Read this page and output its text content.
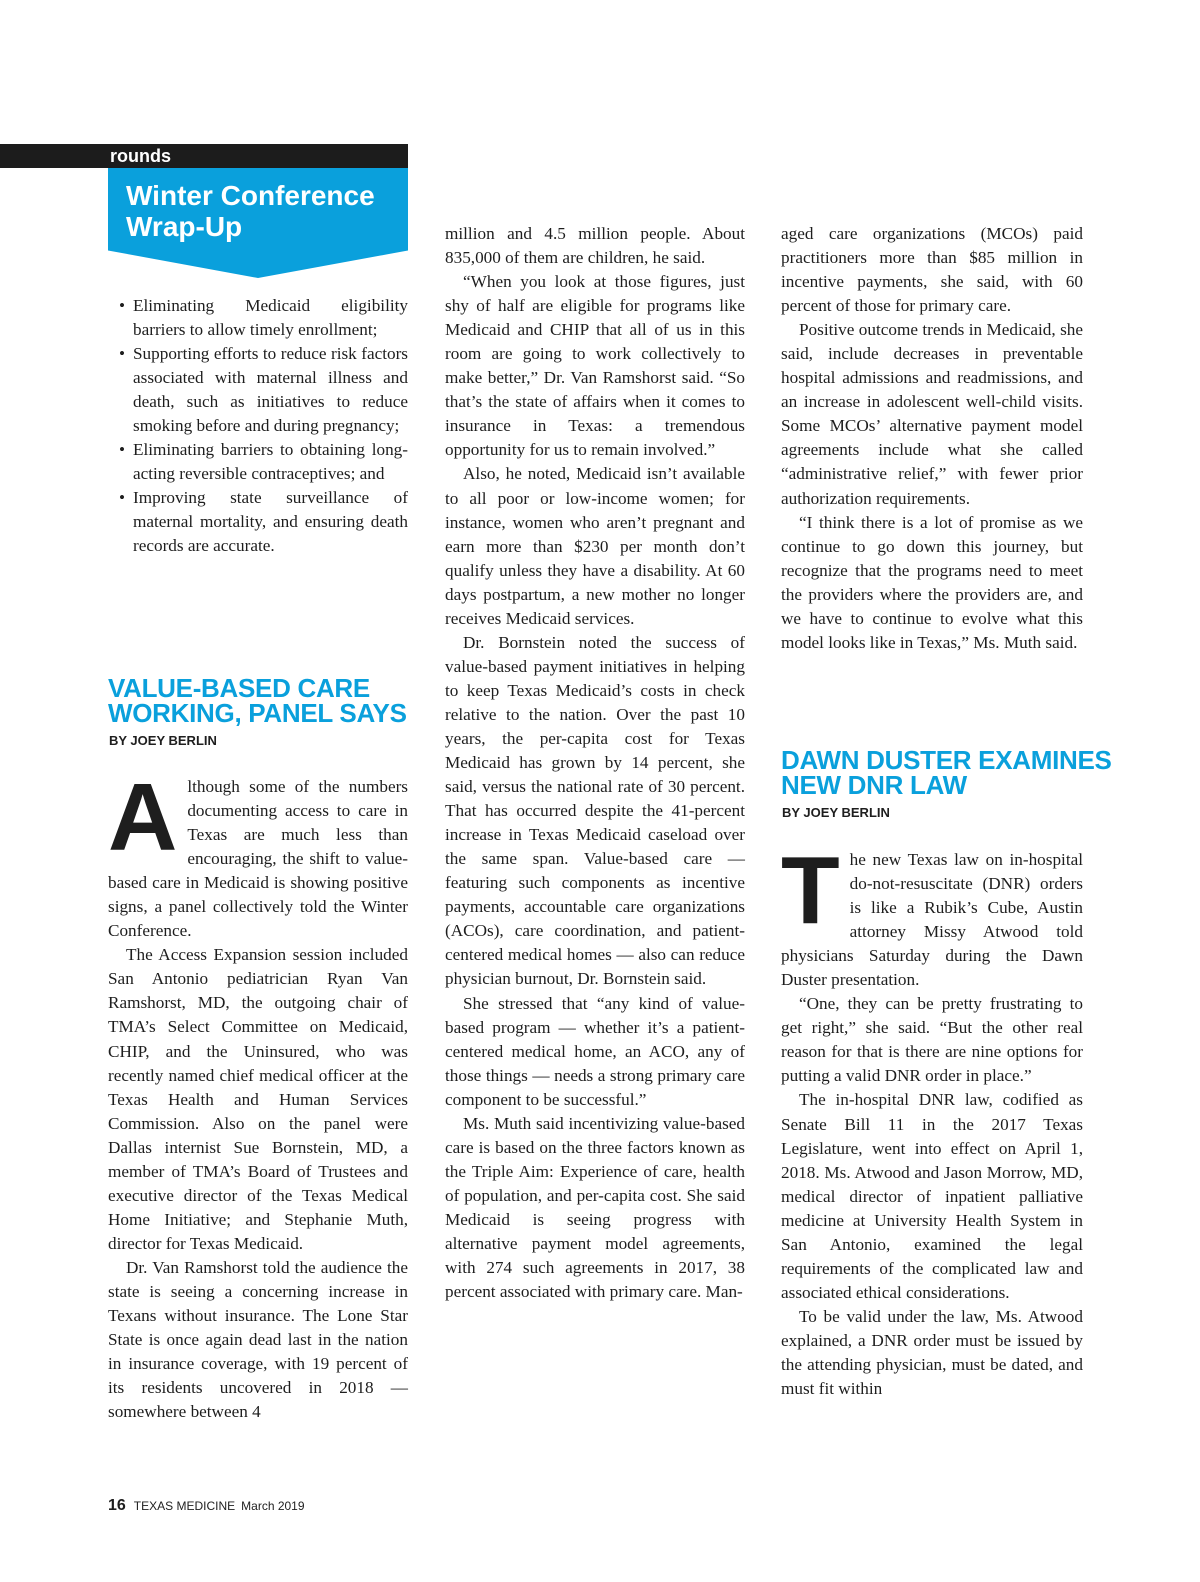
rounds
Winter Conference Wrap-Up
• Eliminating Medicaid eligibility barriers to allow timely enrollment;
• Supporting efforts to reduce risk factors associated with maternal illness and death, such as initiatives to reduce smoking before and during pregnancy;
• Eliminating barriers to obtaining long-acting reversible contraceptives; and
• Improving state surveillance of maternal mortality, and ensuring death records are accurate.
VALUE-BASED CARE
WORKING, PANEL SAYS
BY JOEY BERLIN

Although some of the numbers documenting access to care in Texas are much less than encouraging, the shift to value-based care in Medicaid is showing positive signs, a panel collectively told the Winter Conference.

The Access Expansion session included San Antonio pediatrician Ryan Van Ramshorst, MD, the outgoing chair of TMA’s Select Committee on Medicaid, CHIP, and the Uninsured, who was recently named chief medical officer at the Texas Health and Human Services Commission. Also on the panel were Dallas internist Sue Bornstein, MD, a member of TMA’s Board of Trustees and executive director of the Texas Medical Home Initiative; and Stephanie Muth, director for Texas Medicaid.

Dr. Van Ramshorst told the audience the state is seeing a concerning increase in Texans without insurance. The Lone Star State is once again dead last in the nation in insurance coverage, with 19 percent of its residents uncovered in 2018 — somewhere between 4

million and 4.5 million people. About 835,000 of them are children, he said.

“When you look at those figures, just shy of half are eligible for programs like Medicaid and CHIP that all of us in this room are going to work collectively to make better,” Dr. Van Ramshorst said. “So that’s the state of affairs when it comes to insurance in Texas: a tremendous opportunity for us to remain involved.”

Also, he noted, Medicaid isn’t available to all poor or low-income women; for instance, women who aren’t pregnant and earn more than $230 per month don’t qualify unless they have a disability. At 60 days postpartum, a new mother no longer receives Medicaid services.

Dr. Bornstein noted the success of value-based payment initiatives in helping to keep Texas Medicaid’s costs in check relative to the nation. Over the past 10 years, the per-capita cost for Texas Medicaid has grown by 14 percent, she said, versus the national rate of 30 percent. That has occurred despite the 41-percent increase in Texas Medicaid caseload over the same span. Value-based care — featuring such components as incentive payments, accountable care organizations (ACOs), care coordination, and patient-centered medical homes — also can reduce physician burnout, Dr. Bornstein said.

She stressed that “any kind of value-based program — whether it’s a patient-centered medical home, an ACO, any of those things — needs a strong primary care component to be successful.”

Ms. Muth said incentivizing value-based care is based on the three factors known as the Triple Aim: Experience of care, health of population, and per-capita cost. She said Medicaid is seeing progress with alternative payment model agreements, with 274 such agreements in 2017, 38 percent associated with primary care. Man-

aged care organizations (MCOs) paid practitioners more than $85 million in incentive payments, she said, with 60 percent of those for primary care.

Positive outcome trends in Medicaid, she said, include decreases in preventable hospital admissions and readmissions, and an increase in adolescent well-child visits. Some MCOs’ alternative payment model agreements include what she called “administrative relief,” with fewer prior authorization requirements.

“I think there is a lot of promise as we continue to go down this journey, but recognize that the programs need to meet the providers where the providers are, and we have to continue to evolve what this model looks like in Texas,” Ms. Muth said.

DAWN DUSTER EXAMINES
NEW DNR LAW
BY JOEY BERLIN

The new Texas law on in-hospital do-not-resuscitate (DNR) orders is like a Rubik’s Cube, Austin attorney Missy Atwood told physicians Saturday during the Dawn Duster presentation.

“One, they can be pretty frustrating to get right,” she said. “But the other real reason for that is there are nine options for putting a valid DNR order in place.”

The in-hospital DNR law, codified as Senate Bill 11 in the 2017 Texas Legislature, went into effect on April 1, 2018. Ms. Atwood and Jason Morrow, MD, medical director of inpatient palliative medicine at University Health System in San Antonio, examined the legal requirements of the complicated law and associated ethical considerations.

To be valid under the law, Ms. Atwood explained, a DNR order must be issued by the attending physician, must be dated, and must fit within

16 TEXAS MEDICINE March 2019
